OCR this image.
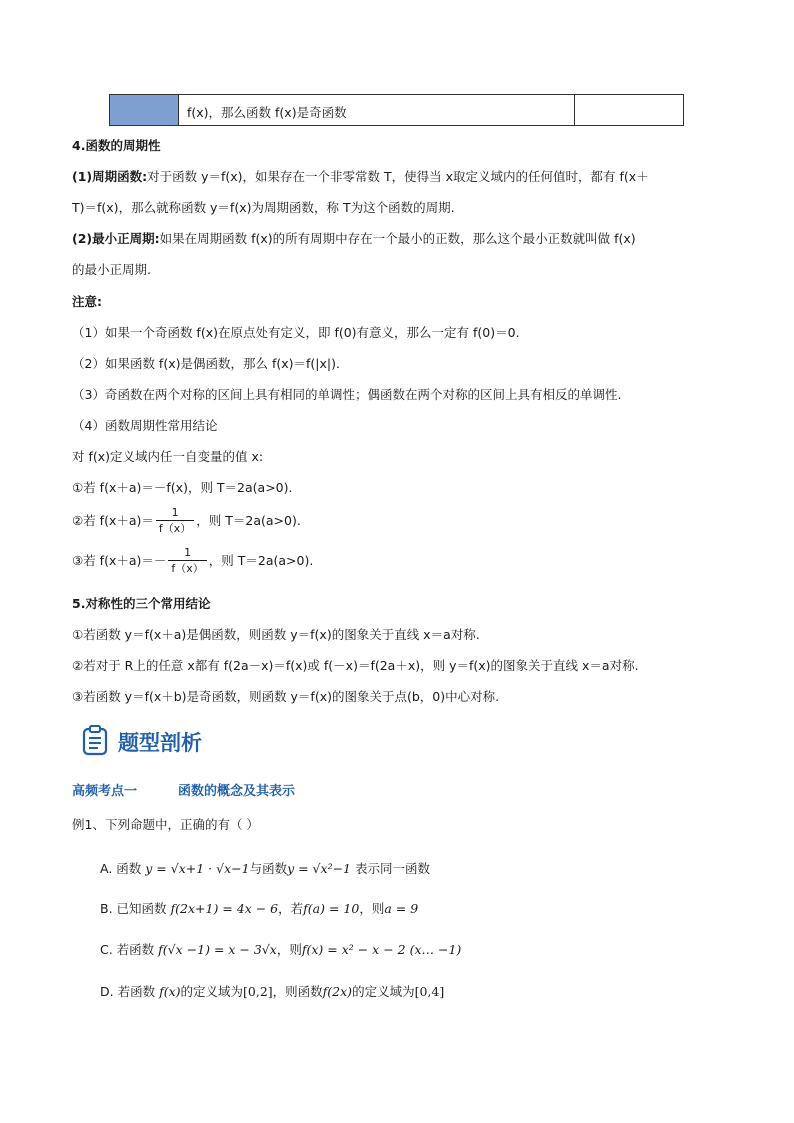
f(x)，那么函数 f(x)是奇函数
4.函数的周期性
(1)周期函数:对于函数 y＝f(x)，如果存在一个非零常数 T，使得当 x取定义域内的任何值时，都有 f(x＋
T)＝f(x)，那么就称函数 y＝f(x)为周期函数，称 T为这个函数的周期.
(2)最小正周期:如果在周期函数 f(x)的所有周期中存在一个最小的正数，那么这个最小正数就叫做 f(x)
的最小正周期.
注意:
（1）如果一个奇函数 f(x)在原点处有定义，即 f(0)有意义，那么一定有 f(0)＝0.
（2）如果函数 f(x)是偶函数，那么 f(x)＝f(|x|).
（3）奇函数在两个对称的区间上具有相同的单调性；偶函数在两个对称的区间上具有相反的单调性.
（4）函数周期性常用结论
对 f(x)定义域内任一自变量的值 x:
①若 f(x＋a)＝－f(x)，则 T＝2a(a>0).
②若 $f(x+a)= \frac{1}{f(x)}$ ，则 T＝2a(a>0).
③若 $f(x+a)=- \frac{1}{f(x)}$ ，则 T＝2a(a>0).
5.对称性的三个常用结论
①若函数 y＝f(x＋a)是偶函数，则函数 y＝f(x)的图象关于直线 x＝a对称.
②若对于 R上的任意 x都有 f(2a－x)＝f(x)或 f(－x)＝f(2a＋x)，则 y＝f(x)的图象关于直线 x＝a对称.
③若函数 y＝f(x＋b)是奇函数，则函数 y＝f(x)的图象关于点(b，0)中心对称.
题型剖析
高频考点一	函数的概念及其表示
例1、下列命题中，正确的有（ ）
A. 函数 y = √x+1 · √x−1与函数y = √x²−1 表示同一函数
B. 已知函数 f(2x+1) = 4x − 6，若f(a) = 10，则a = 9
C. 若函数 f(√x −1) = x − 3√x，则f(x) = x² − x − 2 (x… −1)
D. 若函数 f(x)的定义域为[0,2]，则函数f(2x)的定义域为[0,4]
